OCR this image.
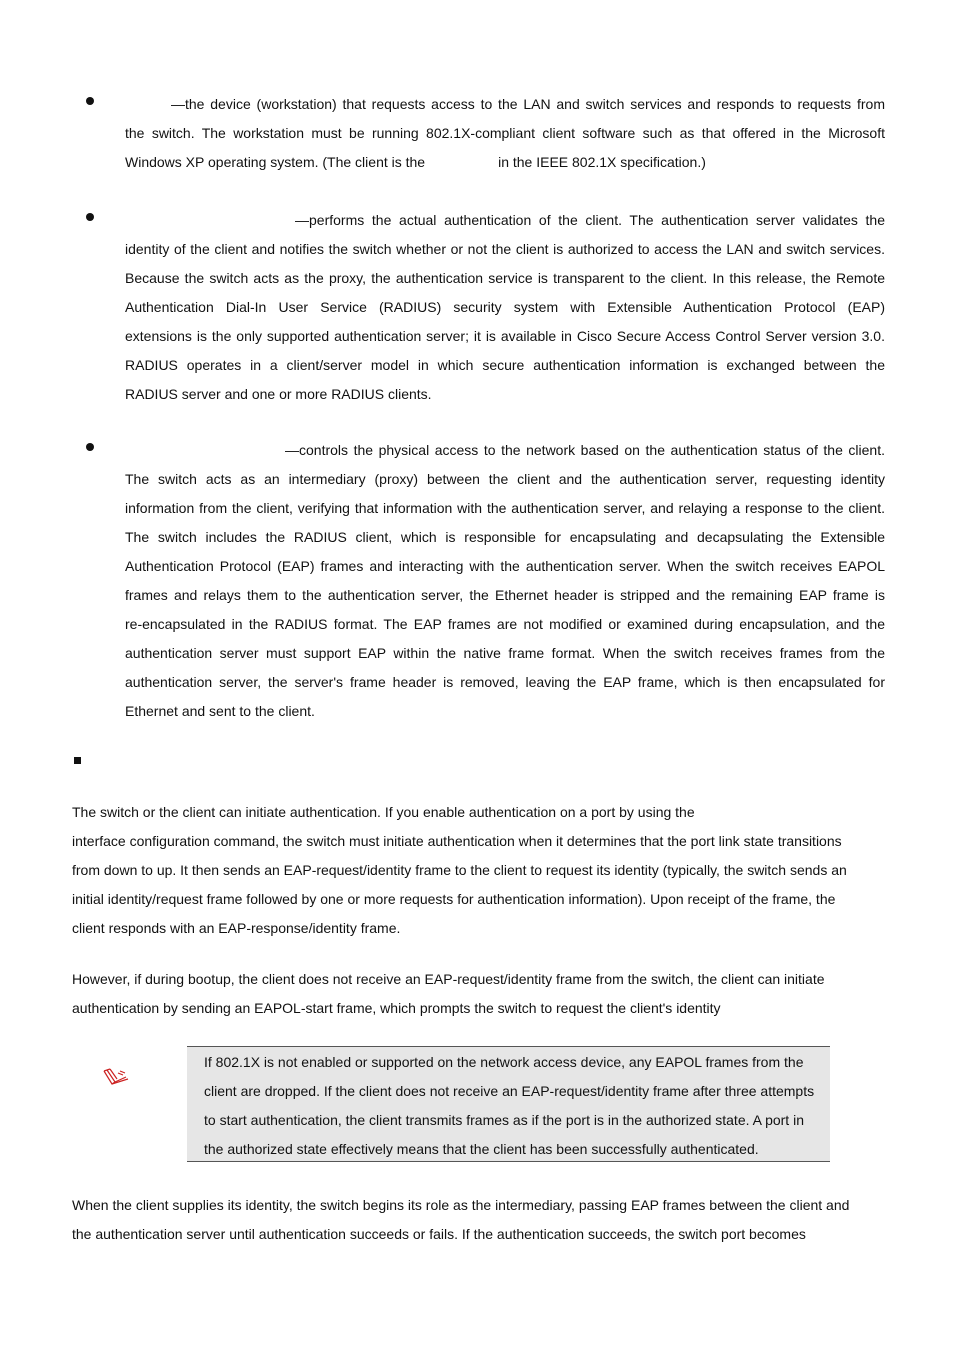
—the device (workstation) that requests access to the LAN and switch services and responds to requests from
the switch. The workstation must be running 802.1X-compliant client software such as that offered in the Microsoft
Windows XP operating system. (The client is the	in the IEEE 802.1X specification.)

—performs the actual authentication of the client. The authentication server validates the
identity of the client and notifies the switch whether or not the client is authorized to access the LAN and switch services.
Because the switch acts as the proxy, the authentication service is transparent to the client. In this release, the Remote
Authentication Dial-In User Service (RADIUS) security system with Extensible Authentication Protocol (EAP)
extensions is the only supported authentication server; it is available in Cisco Secure Access Control Server version 3.0.
RADIUS operates in a client/server model in which secure authentication information is exchanged between the
RADIUS server and one or more RADIUS clients.

—controls the physical access to the network based on the authentication status of the client.
The switch acts as an intermediary (proxy) between the client and the authentication server, requesting identity
information from the client, verifying that information with the authentication server, and relaying a response to the client.
The switch includes the RADIUS client, which is responsible for encapsulating and decapsulating the Extensible
Authentication Protocol (EAP) frames and interacting with the authentication server. When the switch receives EAPOL
frames and relays them to the authentication server, the Ethernet header is stripped and the remaining EAP frame is
re-encapsulated in the RADIUS format. The EAP frames are not modified or examined during encapsulation, and the
authentication server must support EAP within the native frame format. When the switch receives frames from the
authentication server, the server's frame header is removed, leaving the EAP frame, which is then encapsulated for
Ethernet and sent to the client.

The switch or the client can initiate authentication. If you enable authentication on a port by using the
interface configuration command, the switch must initiate authentication when it determines that the port link state transitions
from down to up. It then sends an EAP-request/identity frame to the client to request its identity (typically, the switch sends an
initial identity/request frame followed by one or more requests for authentication information). Upon receipt of the frame, the
client responds with an EAP-response/identity frame.

However, if during bootup, the client does not receive an EAP-request/identity frame from the switch, the client can initiate
authentication by sending an EAPOL-start frame, which prompts the switch to request the client's identity

If 802.1X is not enabled or supported on the network access device, any EAPOL frames from the
client are dropped. If the client does not receive an EAP-request/identity frame after three attempts
to start authentication, the client transmits frames as if the port is in the authorized state. A port in
the authorized state effectively means that the client has been successfully authenticated.

When the client supplies its identity, the switch begins its role as the intermediary, passing EAP frames between the client and
the authentication server until authentication succeeds or fails. If the authentication succeeds, the switch port becomes
